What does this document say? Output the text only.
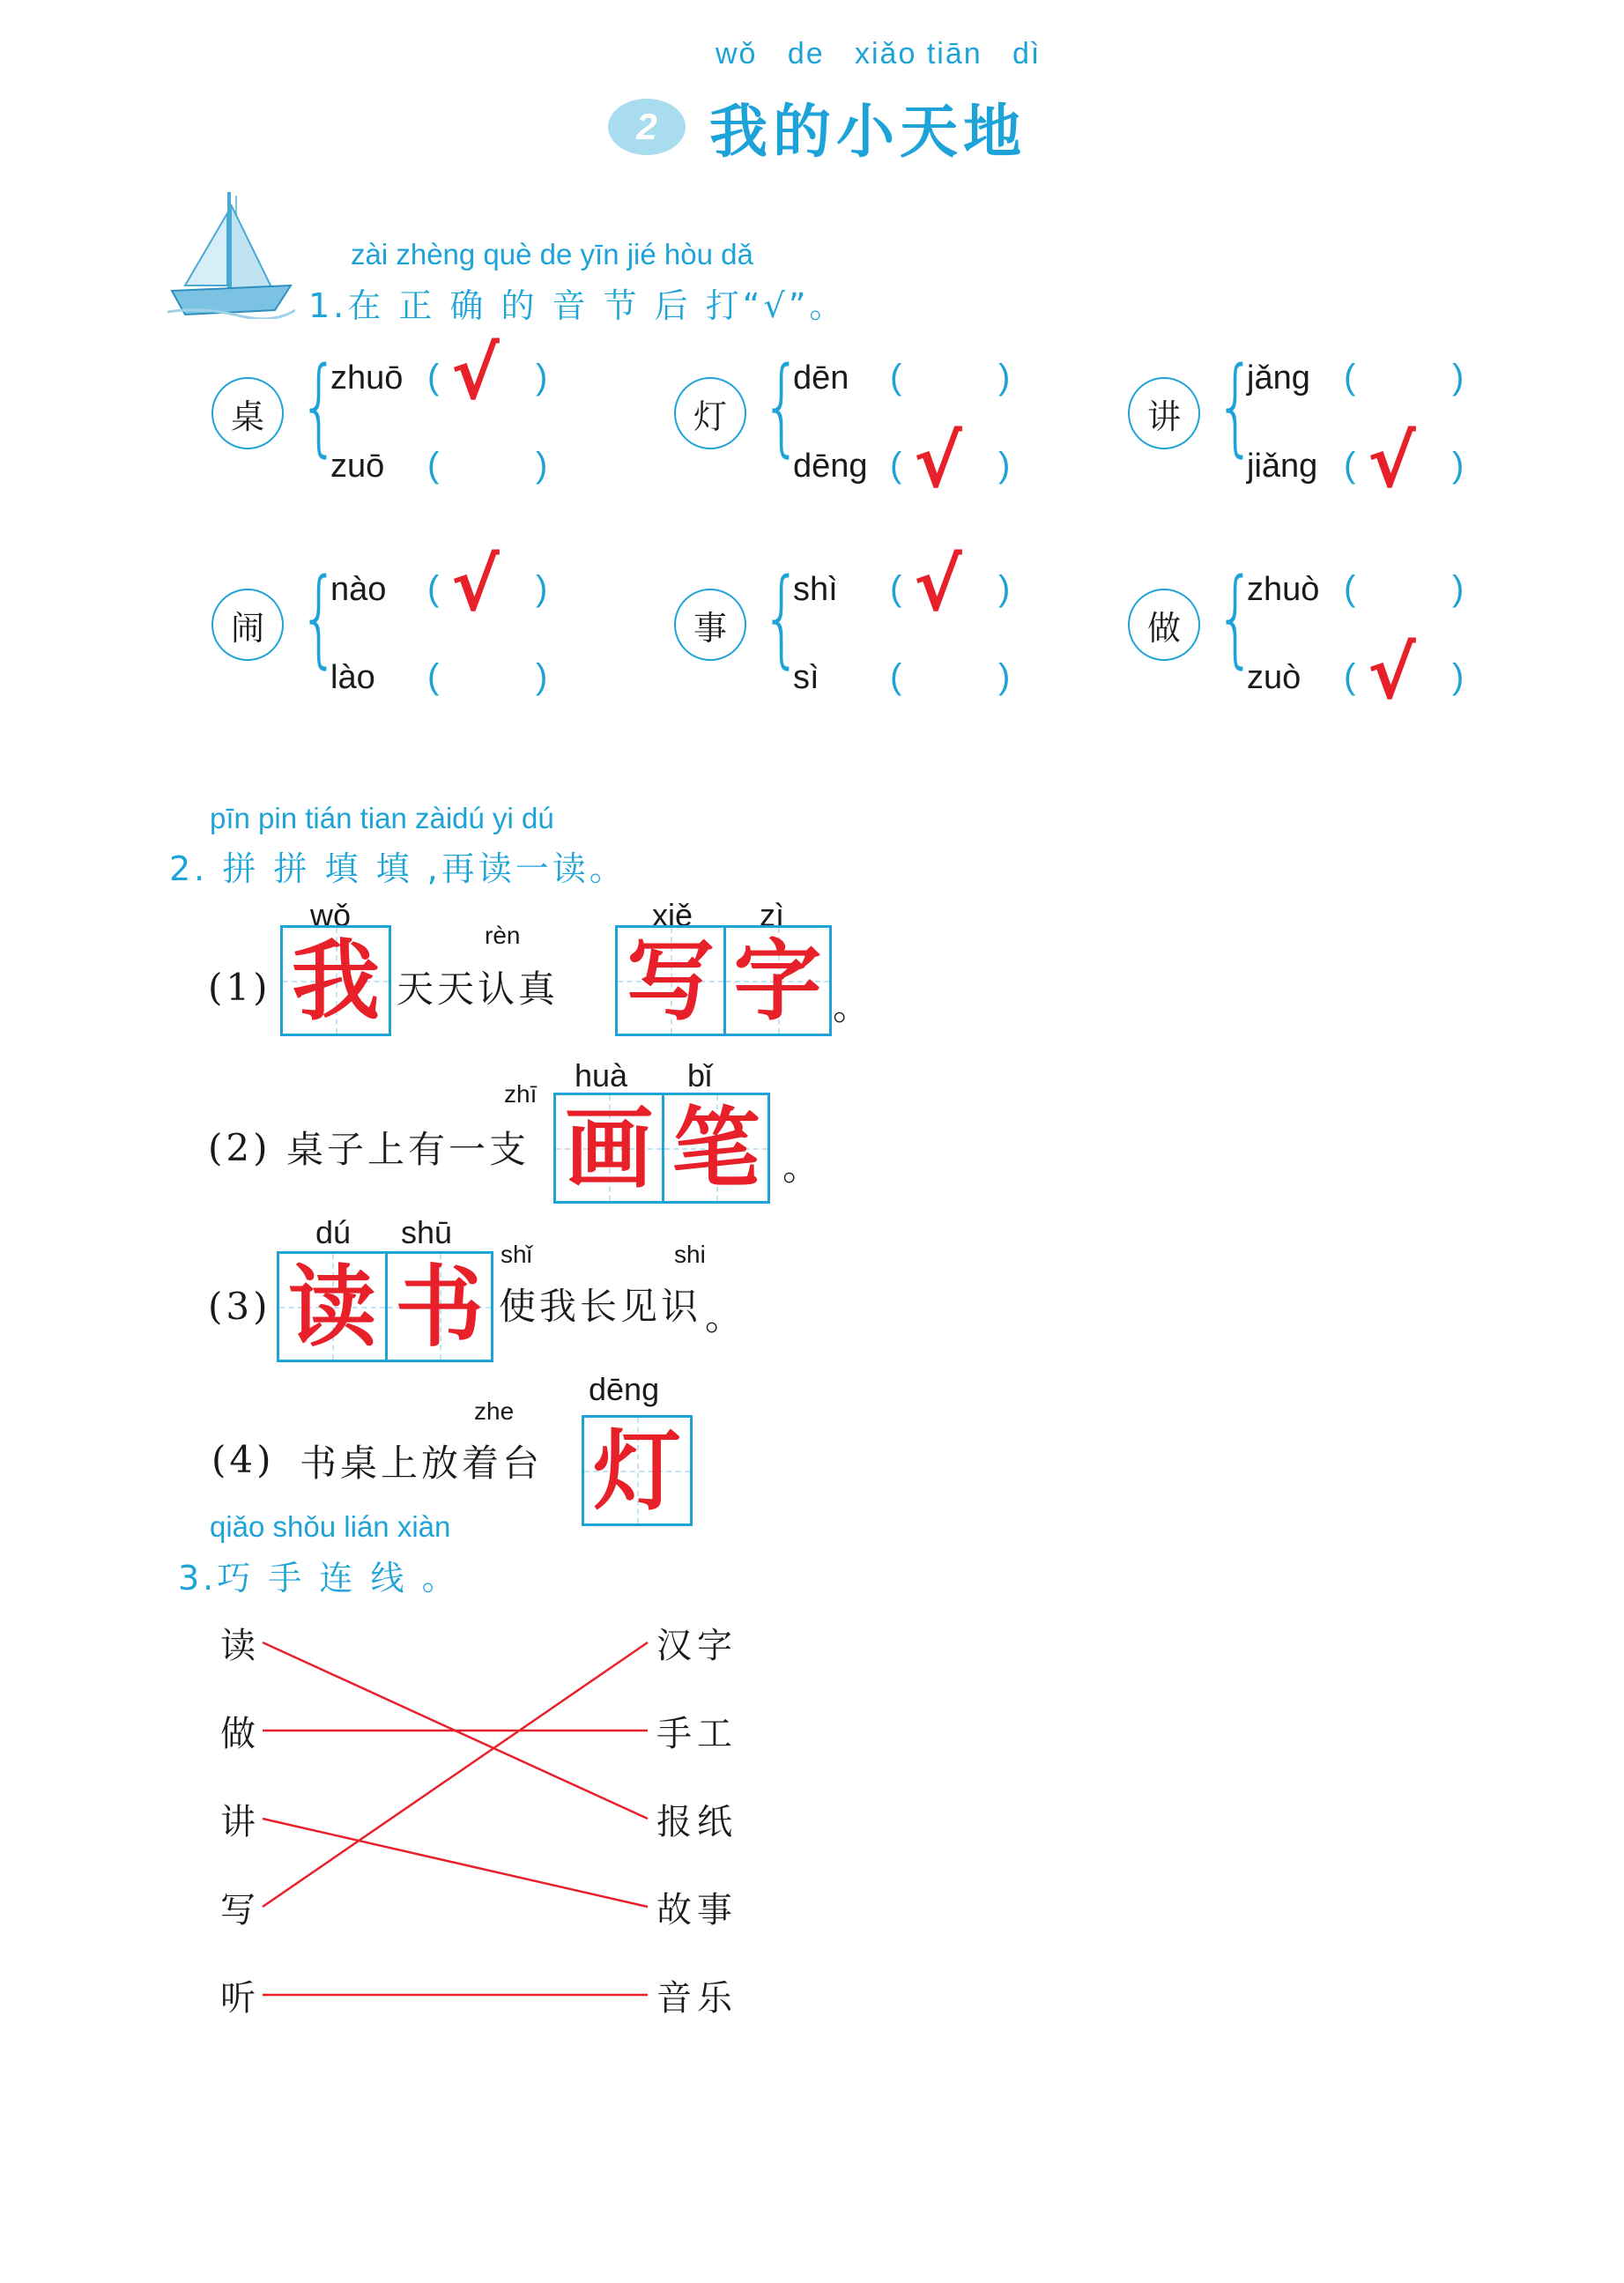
wǒ de xiǎo tiān dì
2 我的小天地
zài zhèng què de yīn jié hòu dǎ
1.在 正 确 的 音 节 后 打“√”。
桌 {
zhuō (	)
√
zuō (	)
灯 {
dēn (	)
dēng (	)
√
讲 {
jǎng (	)
jiǎng (	)
√
闹 {
nào (	)
√
lào (	)
事 {
shì (	)
√
sì (	)
做 {
zhuò (	)
zuò (	)
√
pīn pin tián tian zàidú yi dú
2. 拼 拼 填 填 ,再读一读。
(1)
wǒ
我	rèn
天天认真
xiě zì
写 字 。
(2) 桌子上有一支
zhī
huà bǐ
画 笔 。
(3)
dú shū
读 书
shǐ	shi
使我长见识 。
(4)
zhe
书桌上放着台
dēng
灯
qiǎo shǒu lián xiàn
3.巧 手 连 线 。
读
做
讲
写
听
汉字
手工
报纸
故事
音乐
